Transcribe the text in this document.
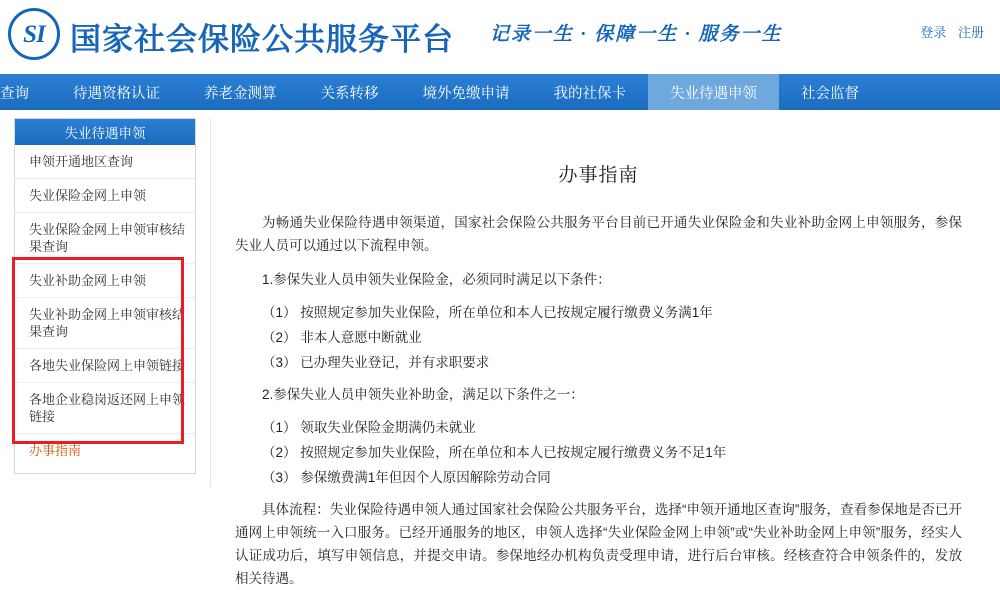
SI 国家社会保险公共服务平台 记录一生 · 保障一生 · 服务一生	登录 注册
查询	待遇资格认证	养老金测算	关系转移	境外免缴申请	我的社保卡	失业待遇申领	社会监督
失业待遇申领
申领开通地区查询
失业保险金网上申领
失业保险金网上申领审核结果查询
失业补助金网上申领
失业补助金网上申领审核结果查询
各地失业保险网上申领链接
各地企业稳岗返还网上申领链接
办事指南
办事指南

为畅通失业保险待遇申领渠道，国家社会保险公共服务平台目前已开通失业保险金和失业补助金网上申领服务，参保失业人员可以通过以下流程申领。

1.参保失业人员申领失业保险金，必须同时满足以下条件：

（1） 按照规定参加失业保险，所在单位和本人已按规定履行缴费义务满1年
（2） 非本人意愿中断就业
（3） 已办理失业登记，并有求职要求

2.参保失业人员申领失业补助金，满足以下条件之一：

（1） 领取失业保险金期满仍未就业
（2） 按照规定参加失业保险，所在单位和本人已按规定履行缴费义务不足1年
（3） 参保缴费满1年但因个人原因解除劳动合同

具体流程：失业保险待遇申领人通过国家社会保险公共服务平台，选择“申领开通地区查询”服务，查看参保地是否已开通网上申领统一入口服务。已经开通服务的地区，申领人选择“失业保险金网上申领”或“失业补助金网上申领”服务，经实人认证成功后，填写申领信息，并提交申请。参保地经办机构负责受理申请，进行后台审核。经核查符合申领条件的，发放相关待遇。
